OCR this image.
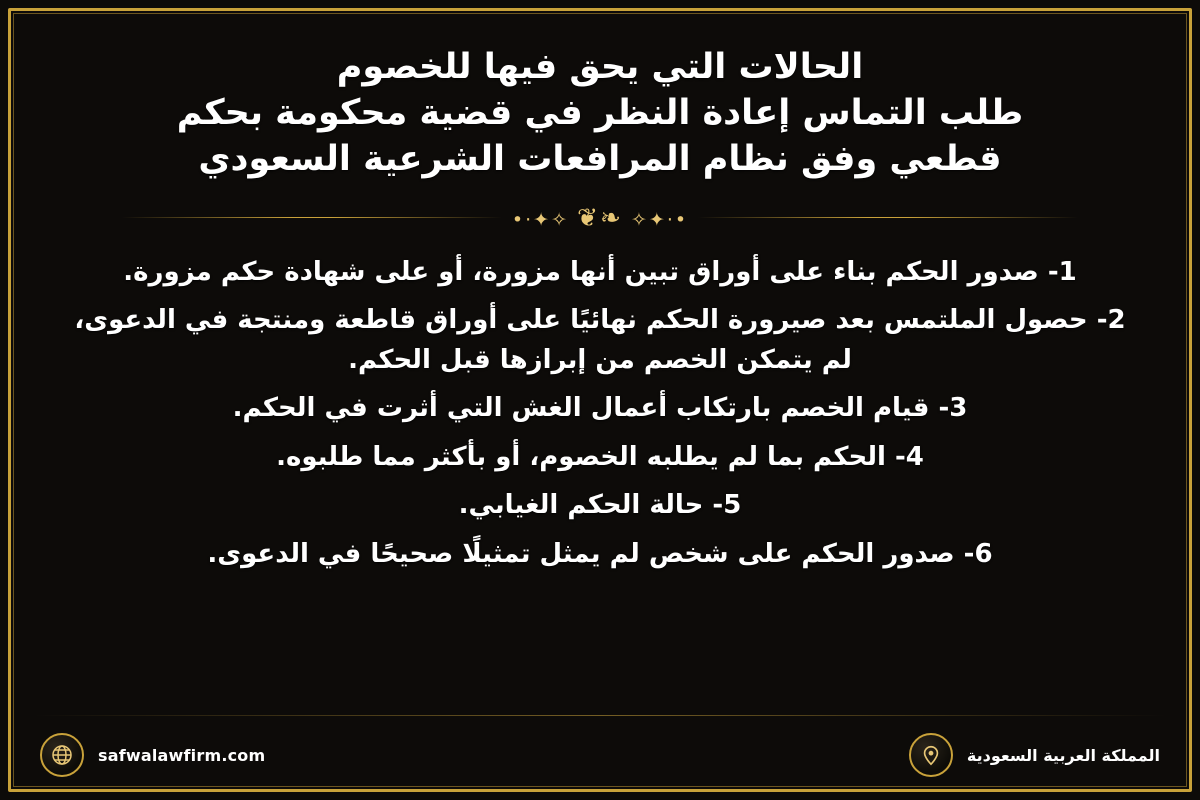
الحالات التي يحق فيها للخصوم
طلب التماس إعادة النظر في قضية محكومة بحكم
قطعي وفق نظام المرافعات الشرعية السعودي
•·✦✧ ❧❦ ✧✦·•

1- صدور الحكم بناء على أوراق تبين أنها مزورة، أو على شهادة حكم مزورة.

2- حصول الملتمس بعد صيرورة الحكم نهائيًا على أوراق قاطعة ومنتجة في الدعوى، لم يتمكن الخصم من إبرازها قبل الحكم.

3- قيام الخصم بارتكاب أعمال الغش التي أثرت في الحكم.

4- الحكم بما لم يطلبه الخصوم، أو بأكثر مما طلبوه.

5- حالة الحكم الغيابي.

6- صدور الحكم على شخص لم يمثل تمثيلًا صحيحًا في الدعوى.

المملكة العربية السعودية
safwalawfirm.com
